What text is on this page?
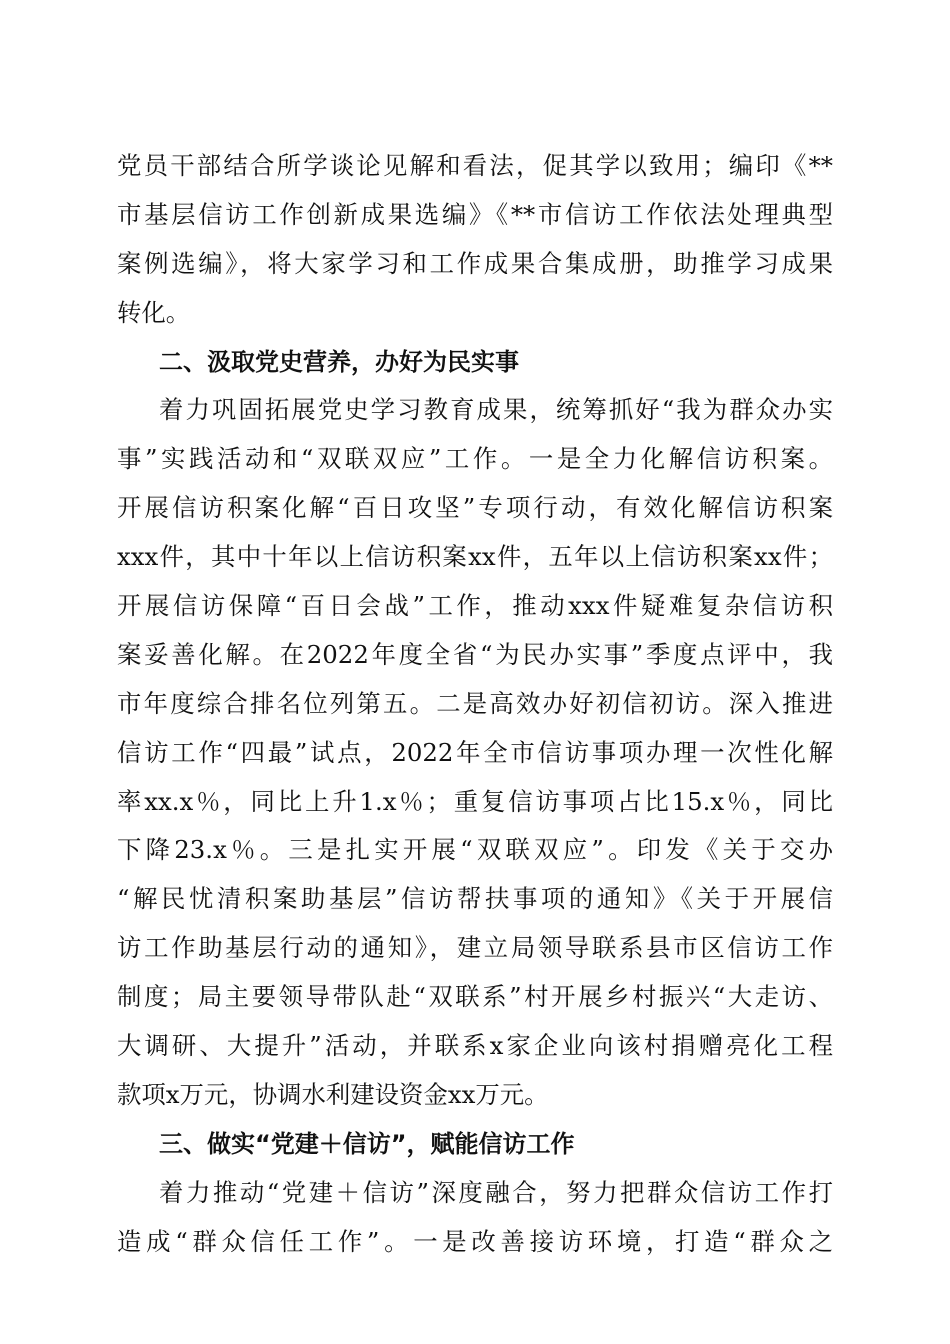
党员干部结合所学谈论见解和看法，促其学以致用；编印《**
市基层信访工作创新成果选编》《**市信访工作依法处理典型
案例选编》，将大家学习和工作成果合集成册，助推学习成果
转化。
二、汲取党史营养，办好为民实事
着力巩固拓展党史学习教育成果，统筹抓好“我为群众办实
事”实践活动和“双联双应”工作。一是全力化解信访积案。
开展信访积案化解“百日攻坚”专项行动，有效化解信访积案
xxx件，其中十年以上信访积案xx件，五年以上信访积案xx件；
开展信访保障“百日会战”工作，推动xxx件疑难复杂信访积
案妥善化解。在2022年度全省“为民办实事”季度点评中，我
市年度综合排名位列第五。二是高效办好初信初访。深入推进
信访工作“四最”试点，2022年全市信访事项办理一次性化解
率xx.x％，同比上升1.x％；重复信访事项占比15.x％，同比
下降23.x％。三是扎实开展“双联双应”。印发《关于交办
“解民忧清积案助基层”信访帮扶事项的通知》《关于开展信
访工作助基层行动的通知》，建立局领导联系县市区信访工作
制度；局主要领导带队赴“双联系”村开展乡村振兴“大走访、
大调研、大提升”活动，并联系x家企业向该村捐赠亮化工程
款项x万元，协调水利建设资金xx万元。
三、做实“党建＋信访”，赋能信访工作
着力推动“党建＋信访”深度融合，努力把群众信访工作打
造成“群众信任工作”。一是改善接访环境，打造“群众之
